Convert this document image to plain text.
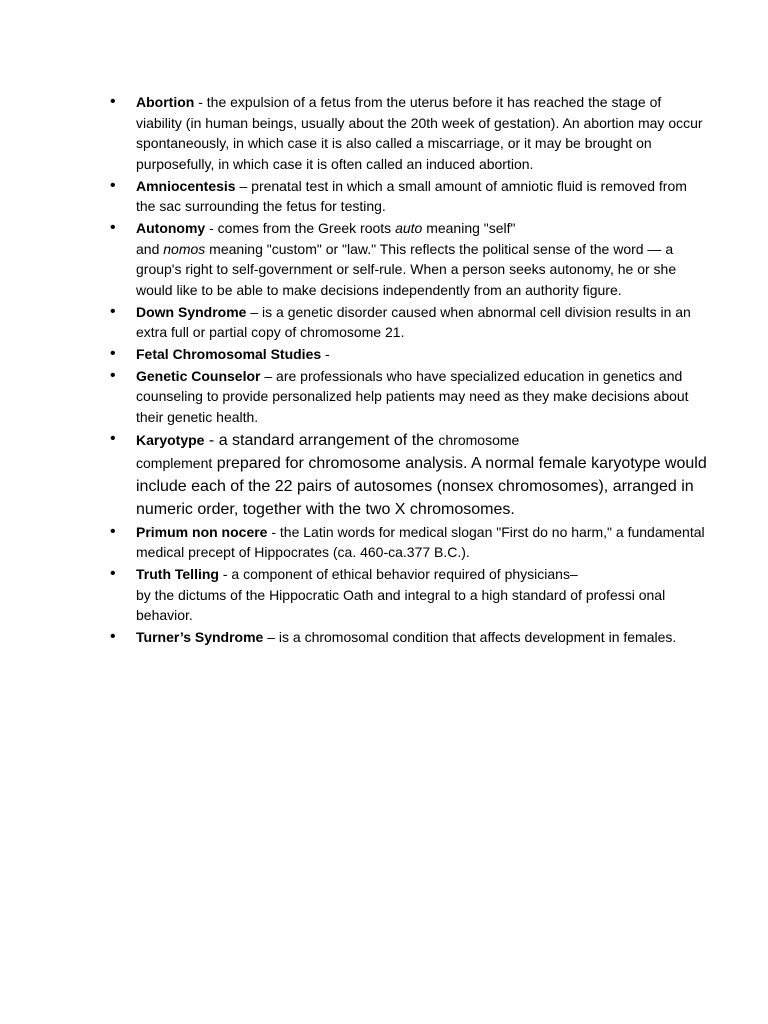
• Abortion - the expulsion of a fetus from the uterus before it has reached the stage of viability (in human beings, usually about the 20th week of gestation). An abortion may occur spontaneously, in which case it is also called a miscarriage, or it may be brought on purposefully, in which case it is often called an induced abortion.
• Amniocentesis – prenatal test in which a small amount of amniotic fluid is removed from the sac surrounding the fetus for testing.
• Autonomy - comes from the Greek roots auto meaning "self"
and nomos meaning "custom" or "law." This reflects the political sense of the word — a group's right to self-government or self-rule. When a person seeks autonomy, he or she would like to be able to make decisions independently from an authority figure.
• Down Syndrome – is a genetic disorder caused when abnormal cell division results in an extra full or partial copy of chromosome 21.
• Fetal Chromosomal Studies -
• Genetic Counselor – are professionals who have specialized education in genetics and counseling to provide personalized help patients may need as they make decisions about their genetic health.
• Karyotype - a standard arrangement of the chromosome
complement prepared for chromosome analysis. A normal female karyotype would include each of the 22 pairs of autosomes (nonsex chromosomes), arranged in numeric order, together with the two X chromosomes.
• Primum non nocere - the Latin words for medical slogan "First do no harm," a fundamental medical precept of Hippocrates (ca. 460-ca.377 B.C.).
• Truth Telling - a component of ethical behavior required of physicians–
by the dictums of the Hippocratic Oath and integral to a high standard of professi onal behavior.
• Turner’s Syndrome – is a chromosomal condition that affects development in females.
